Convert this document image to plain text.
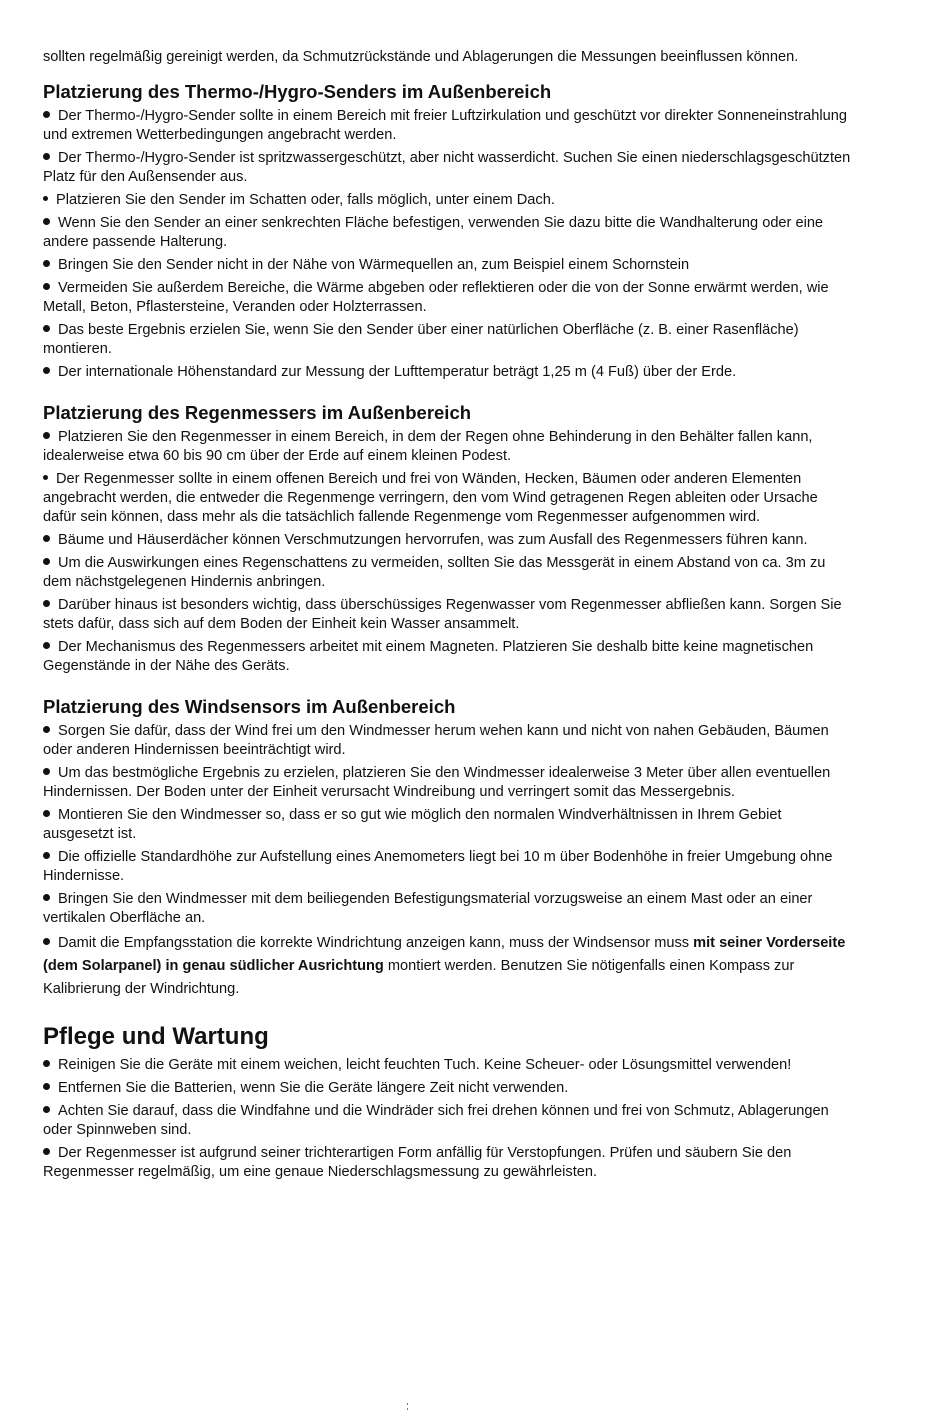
sollten regelmäßig gereinigt werden, da Schmutzrückstände und Ablagerungen die Messungen beeinflussen können.

Platzierung des Thermo-/Hygro-Senders im Außenbereich

Der Thermo-/Hygro-Sender sollte in einem Bereich mit freier Luftzirkulation und geschützt vor direkter Sonneneinstrahlung und extremen Wetterbedingungen angebracht werden.

Der Thermo-/Hygro-Sender ist spritzwassergeschützt, aber nicht wasserdicht. Suchen Sie einen niederschlagsgeschützten Platz für den Außensender aus.

Platzieren Sie den Sender im Schatten oder, falls möglich, unter einem Dach.

Wenn Sie den Sender an einer senkrechten Fläche befestigen, verwenden Sie dazu bitte die Wandhalterung oder eine andere passende Halterung.

Bringen Sie den Sender nicht in der Nähe von Wärmequellen an, zum Beispiel einem Schornstein

Vermeiden Sie außerdem Bereiche, die Wärme abgeben oder reflektieren oder die von der Sonne erwärmt werden, wie Metall, Beton, Pflastersteine, Veranden oder Holzterrassen.

Das beste Ergebnis erzielen Sie, wenn Sie den Sender über einer natürlichen Oberfläche (z. B. einer Rasenfläche) montieren.

Der internationale Höhenstandard zur Messung der Lufttemperatur beträgt 1,25 m (4 Fuß) über der Erde.

Platzierung des Regenmessers im Außenbereich

Platzieren Sie den Regenmesser in einem Bereich, in dem der Regen ohne Behinderung in den Behälter fallen kann, idealerweise etwa 60 bis 90 cm über der Erde auf einem kleinen Podest.

Der Regenmesser sollte in einem offenen Bereich und frei von Wänden, Hecken, Bäumen oder anderen Elementen angebracht werden, die entweder die Regenmenge verringern, den vom Wind getragenen Regen ableiten oder Ursache dafür sein können, dass mehr als die tatsächlich fallende Regenmenge vom Regenmesser aufgenommen wird.

Bäume und Häuserdächer können Verschmutzungen hervorrufen, was zum Ausfall des Regenmessers führen kann.

Um die Auswirkungen eines Regenschattens zu vermeiden, sollten Sie das Messgerät in einem Abstand von ca. 3m zu dem nächstgelegenen Hindernis anbringen.

Darüber hinaus ist besonders wichtig, dass überschüssiges Regenwasser vom Regenmesser abfließen kann. Sorgen Sie stets dafür, dass sich auf dem Boden der Einheit kein Wasser ansammelt.

Der Mechanismus des Regenmessers arbeitet mit einem Magneten. Platzieren Sie deshalb bitte keine magnetischen Gegenstände in der Nähe des Geräts.

Platzierung des Windsensors im Außenbereich

Sorgen Sie dafür, dass der Wind frei um den Windmesser herum wehen kann und nicht von nahen Gebäuden, Bäumen oder anderen Hindernissen beeinträchtigt wird.

Um das bestmögliche Ergebnis zu erzielen, platzieren Sie den Windmesser idealerweise 3 Meter über allen eventuellen Hindernissen. Der Boden unter der Einheit verursacht Windreibung und verringert somit das Messergebnis.

Montieren Sie den Windmesser so, dass er so gut wie möglich den normalen Windverhältnissen in Ihrem Gebiet
ausgesetzt ist.

Die offizielle Standardhöhe zur Aufstellung eines Anemometers liegt bei 10 m über Bodenhöhe in freier Umgebung ohne Hindernisse.

Bringen Sie den Windmesser mit dem beiliegenden Befestigungsmaterial vorzugsweise an einem Mast oder an einer vertikalen Oberfläche an.

Damit die Empfangsstation die korrekte Windrichtung anzeigen kann, muss der Windsensor muss mit seiner Vorderseite (dem Solarpanel) in genau südlicher Ausrichtung montiert werden. Benutzen Sie nötigenfalls einen Kompass zur Kalibrierung der Windrichtung.

Pflege und Wartung

Reinigen Sie die Geräte mit einem weichen, leicht feuchten Tuch. Keine Scheuer- oder Lösungsmittel verwenden!

Entfernen Sie die Batterien, wenn Sie die Geräte längere Zeit nicht verwenden.

Achten Sie darauf, dass die Windfahne und die Windräder sich frei drehen können und frei von Schmutz, Ablagerungen oder Spinnweben sind.

Der Regenmesser ist aufgrund seiner trichterartigen Form anfällig für Verstopfungen. Prüfen und säubern Sie den Regenmesser regelmäßig, um eine genaue Niederschlagsmessung zu gewährleisten.
